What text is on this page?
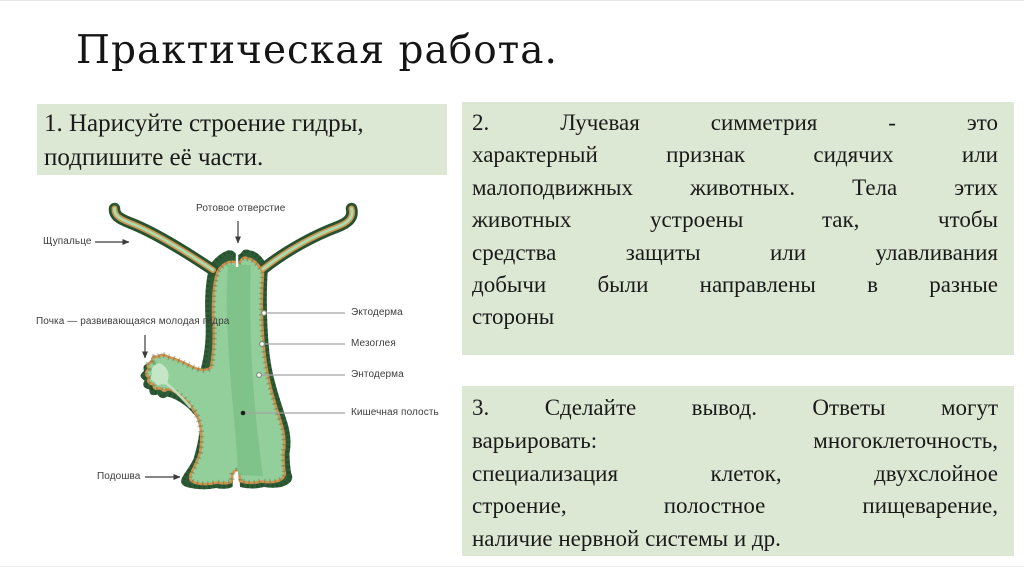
Практическая работа.
1. Нарисуйте строение гидры,
подпишите её части.
2. Лучевая симметрия - это
характерный признак сидячих или
малоподвижных животных. Тела этих
животных устроены так, чтобы
средства защиты или улавливания
добычи были направлены в разные
стороны
3. Сделайте вывод. Ответы могут
варьировать: многоклеточность,
специализация клеток, двухслойное
строение, полостное пищеварение,
наличие нервной системы и др.
Ротовое отверстие
Щупальце
Почка — развивающаяся молодая гидра
Эктодерма
Мезоглея
Энтодерма
Кишечная полость
Подошва
